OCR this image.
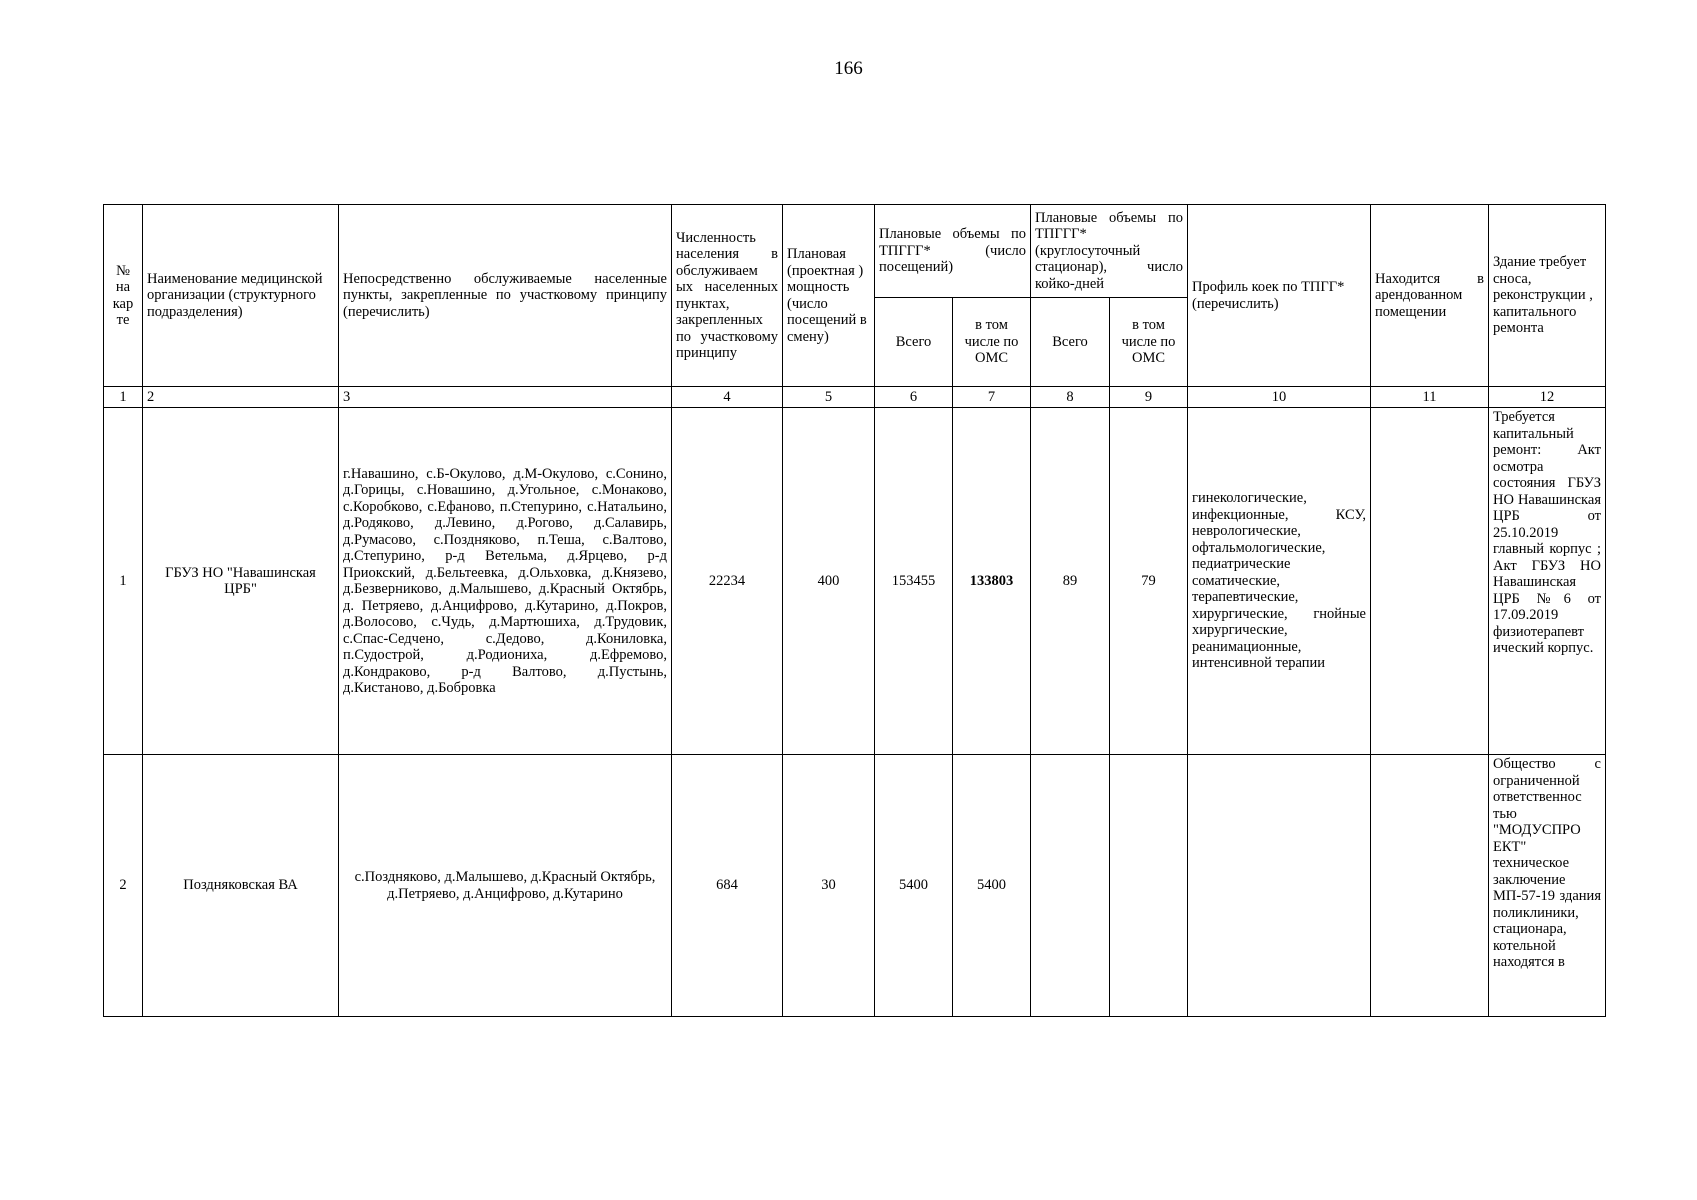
166
№ на кар те	Наименование медицинской организации (структурного подразделения)	Непосредственно обслуживаемые населенные пункты, закрепленные по участковому принципу (перечислить)	Численность населения в обслуживаем ых населенных пунктах, закрепленных по участковому принципу	Плановая (проектная ) мощность (число посещений в смену)	Плановые объемы по ТПГГГ* (число посещений)		Плановые объемы по ТПГГГ* (круглосуточный стационар), число койко-дней		Профиль коек по ТПГГ* (перечислить)	Находится в арендованном помещении	Здание требует сноса, реконструкции , капитального ремонта
					Всего	в том числе по ОМС	Всего	в том числе по ОМС			
1	2	3	4	5	6	7	8	9	10	11	12
1	ГБУЗ НО "Навашинская ЦРБ"	г.Навашино, с.Б-Окулово, д.М-Окулово, с.Сонино, д.Горицы, с.Новашино, д.Угольное, с.Монаково, с.Коробково, с.Ефаново, п.Степурино, с.Натальино, д.Родяково, д.Левино, д.Рогово, д.Салавирь, д.Румасово, с.Поздняково, п.Теша, с.Валтово, д.Степурино, р-д Ветельма, д.Ярцево, р-д Приокский, д.Бельтеевка, д.Ольховка, д.Князево, д.Безверниково, д.Малышево, д.Красный Октябрь, д. Петряево, д.Анцифрово, д.Кутарино, д.Покров, д.Волосово, с.Чудь, д.Мартюшиха, д.Трудовик, с.Спас-Седчено, с.Дедово, д.Кониловка, п.Судострой, д.Родиониха, д.Ефремово, д.Кондраково, р-д Валтово, д.Пустынь, д.Кистаново, д.Бобровка	22234	400	153455	133803	89	79	гинекологические, инфекционные, КСУ, неврологические, офтальмологические, педиатрические соматические, терапевтические, хирургические, гнойные хирургические, реанимационные, интенсивной терапии		Требуется капитальный ремонт: Акт осмотра состояния ГБУЗ НО Навашинская ЦРБ от 25.10.2019 главный корпус ; Акт ГБУЗ НО Навашинская ЦРБ №6 от 17.09.2019 физиотерапевт ический корпус.
2	Поздняковская ВА	с.Поздняково, д.Малышево, д.Красный Октябрь, д.Петряево, д.Анцифрово, д.Кутарино	684	30	5400	5400					Общество с ограниченной ответственнос тью "МОДУСПРО ЕКТ" техническое заключение МП-57-19 здания поликлиники, стационара, котельной находятся в
